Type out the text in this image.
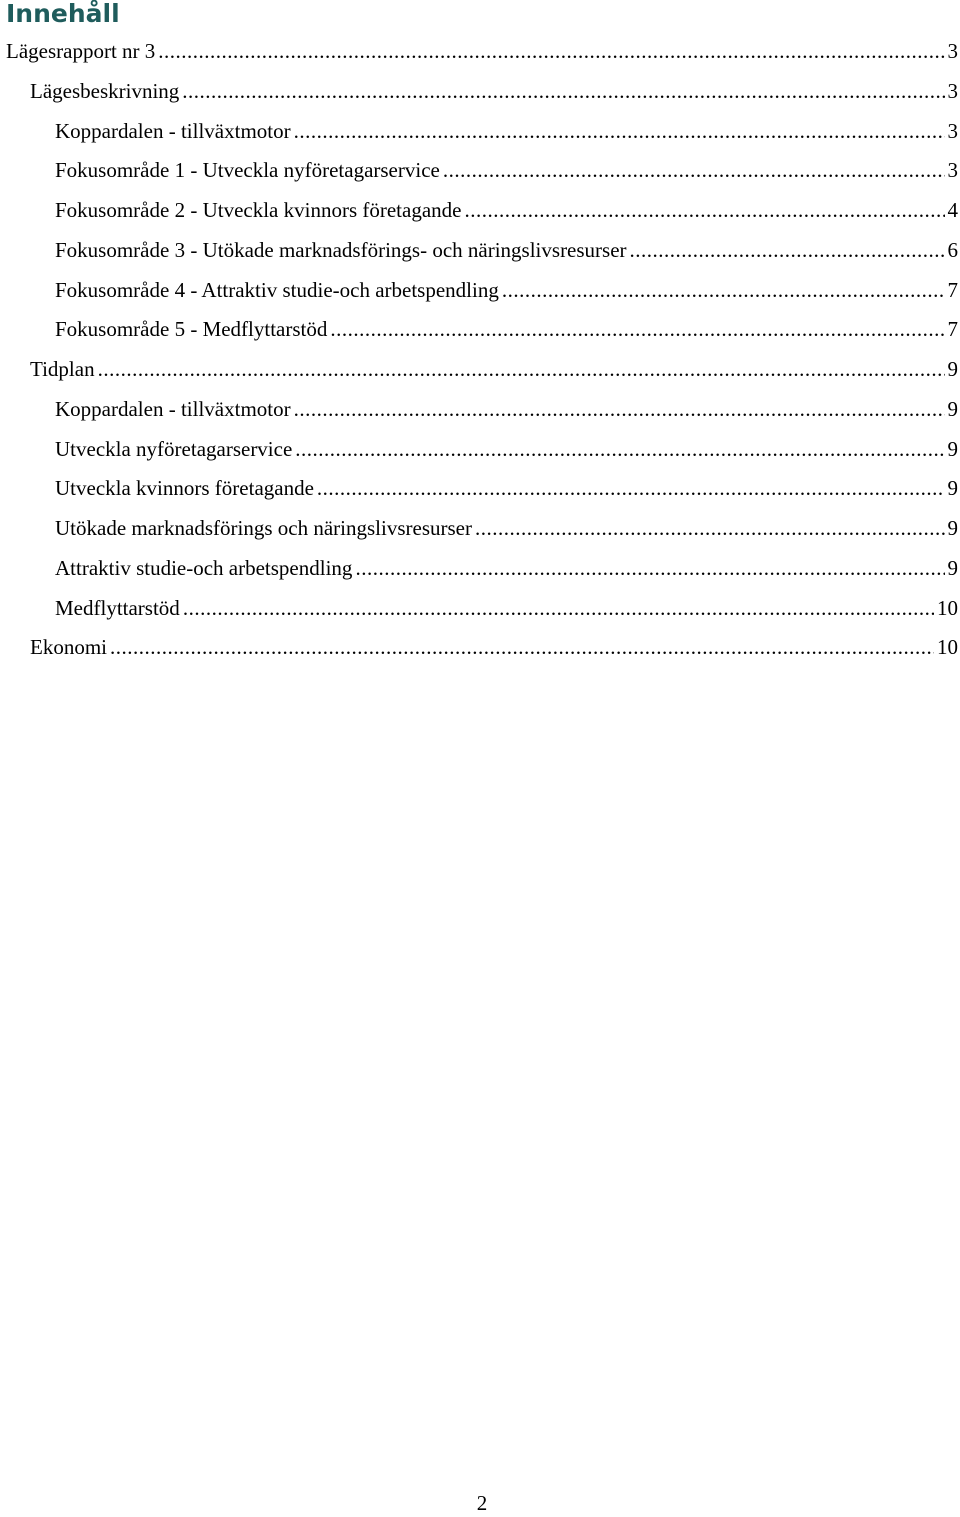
Innehåll
Lägesrapport nr 3 .....	3
Lägesbeskrivning .....	3
Koppardalen - tillväxtmotor .....	3
Fokusområde 1 - Utveckla nyföretagarservice .....	3
Fokusområde 2 - Utveckla kvinnors företagande .....	4
Fokusområde 3 - Utökade marknadsförings- och näringslivsresurser .....	6
Fokusområde 4 - Attraktiv studie-och arbetspendling .....	7
Fokusområde 5 - Medflyttarstöd .....	7
Tidplan .....	9
Koppardalen - tillväxtmotor .....	9
Utveckla nyföretagarservice .....	9
Utveckla kvinnors företagande .....	9
Utökade marknadsförings och näringslivsresurser .....	9
Attraktiv studie-och arbetspendling .....	9
Medflyttarstöd .....	10
Ekonomi .....	10
2
